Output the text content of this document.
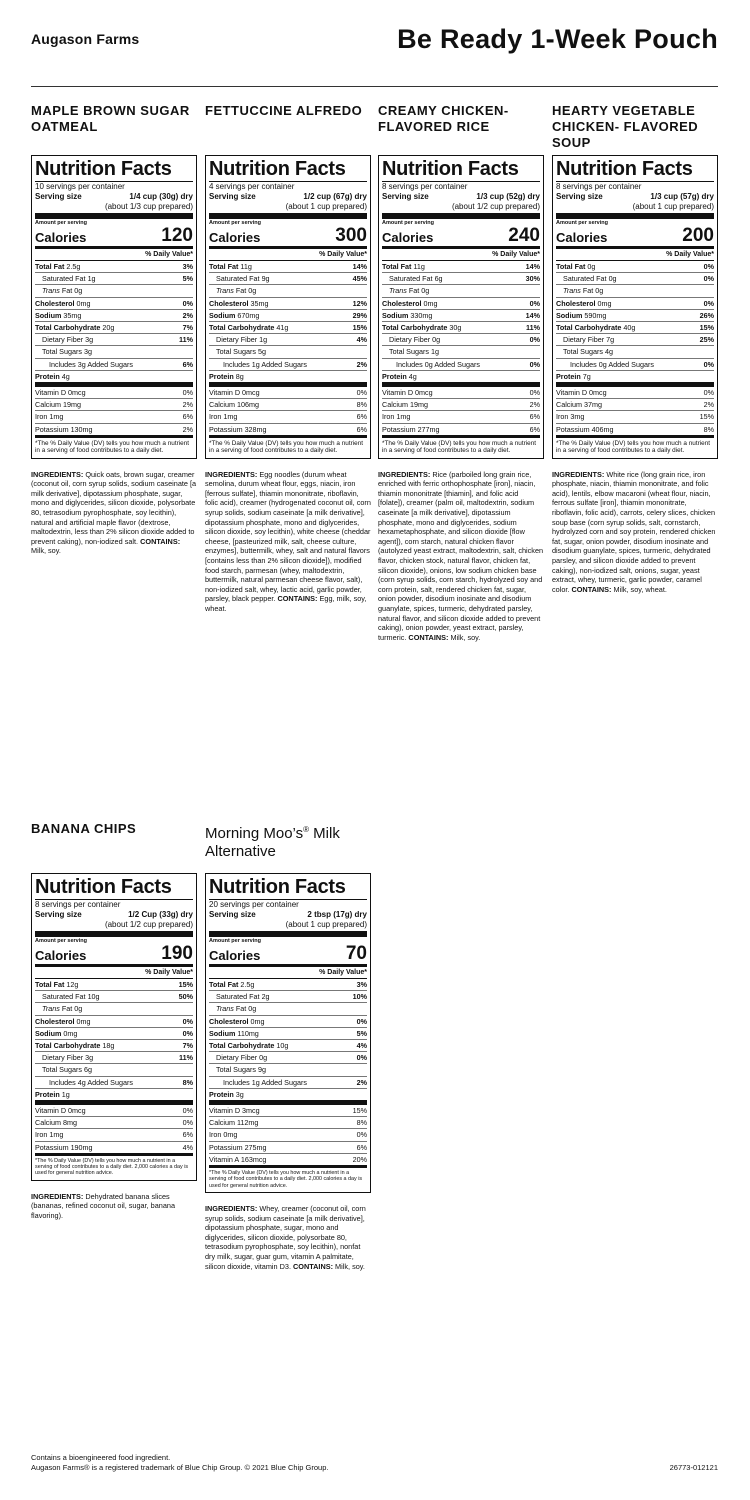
Augason Farms	Be Ready 1-Week Pouch
MAPLE BROWN SUGAR OATMEAL
Nutrition Facts
10 servings per container
Serving size	1/4 cup (30g) dry
(about 1/3 cup prepared)
Amount per serving
Calories	120
% Daily Value*
Total Fat 2.5g	3%
Saturated Fat 1g	5%
Trans Fat 0g
Cholesterol 0mg	0%
Sodium 35mg	2%
Total Carbohydrate 20g	7%
Dietary Fiber 3g	11%
Total Sugars 3g
Includes 3g Added Sugars	6%
Protein 4g
Vitamin D 0mcg	0%
Calcium 19mg	2%
Iron 1mg	6%
Potassium 130mg	2%
*The % Daily Value (DV) tells you how much a nutrient in a serving of food contributes to a daily diet.
INGREDIENTS: Quick oats, brown sugar, creamer (coconut oil, corn syrup solids, sodium caseinate [a milk derivative], dipotassium phosphate, sugar, mono and diglycerides, silicon dioxide, polysorbate 80, tetrasodium pyrophosphate, soy lecithin), natural and artificial maple flavor (dextrose, maltodextrin, less than 2% silicon dioxide added to prevent caking), non-iodized salt. CONTAINS: Milk, soy.
FETTUCCINE ALFREDO
Nutrition Facts
4 servings per container
Serving size	1/2 cup (67g) dry
(about 1 cup prepared)
Amount per serving
Calories	300
% Daily Value*
Total Fat 11g	14%
Saturated Fat 9g	45%
Trans Fat 0g
Cholesterol 35mg	12%
Sodium 670mg	29%
Total Carbohydrate 41g	15%
Dietary Fiber 1g	4%
Total Sugars 5g
Includes 1g Added Sugars	2%
Protein 8g
Vitamin D 0mcg	0%
Calcium 106mg	8%
Iron 1mg	6%
Potassium 328mg	6%
*The % Daily Value (DV) tells you how much a nutrient in a serving of food contributes to a daily diet.
INGREDIENTS: Egg noodles (durum wheat semolina, durum wheat flour, eggs, niacin, iron [ferrous sulfate], thiamin mononitrate, riboflavin, folic acid), creamer (hydrogenated coconut oil, corn syrup solids, sodium caseinate [a milk derivative], dipotassium phosphate, mono and diglycerides, silicon dioxide, soy lecithin), white cheese (cheddar cheese, [pasteurized milk, salt, cheese culture, enzymes], buttermilk, whey, salt and natural flavors [contains less than 2% silicon dioxide]), modified food starch, parmesan (whey, maltodextrin, buttermilk, natural parmesan cheese flavor, salt), non-iodized salt, whey, lactic acid, garlic powder, parsley, black pepper. CONTAINS: Egg, milk, soy, wheat.
CREAMY CHICKEN-FLAVORED RICE
Nutrition Facts
8 servings per container
Serving size	1/3 cup (52g) dry
(about 1/2 cup prepared)
Amount per serving
Calories	240
% Daily Value*
Total Fat 11g	14%
Saturated Fat 6g	30%
Trans Fat 0g
Cholesterol 0mg	0%
Sodium 330mg	14%
Total Carbohydrate 30g	11%
Dietary Fiber 0g	0%
Total Sugars 1g
Includes 0g Added Sugars	0%
Protein 4g
Vitamin D 0mcg	0%
Calcium 19mg	2%
Iron 1mg	6%
Potassium 277mg	6%
*The % Daily Value (DV) tells you how much a nutrient in a serving of food contributes to a daily diet.
INGREDIENTS: Rice (parboiled long grain rice, enriched with ferric orthophosphate [iron], niacin, thiamin mononitrate [thiamin], and folic acid [folate]), creamer (palm oil, maltodextrin, sodium caseinate [a milk derivative], dipotassium phosphate, mono and diglycerides, sodium hexametaphosphate, and silicon dioxide [flow agent]), corn starch, natural chicken flavor (autolyzed yeast extract, maltodextrin, salt, chicken flavor, chicken stock, natural flavor, chicken fat, silicon dioxide), onions, low sodium chicken base (corn syrup solids, corn starch, hydrolyzed soy and corn protein, salt, rendered chicken fat, sugar, onion powder, disodium inosinate and disodium guanylate, spices, turmeric, dehydrated parsley, natural flavor, and silicon dioxide added to prevent caking), onion powder, yeast extract, parsley, turmeric. CONTAINS: Milk, soy.
HEARTY VEGETABLE CHICKEN- FLAVORED SOUP
Nutrition Facts
8 servings per container
Serving size	1/3 cup (57g) dry
(about 1 cup prepared)
Amount per serving
Calories	200
% Daily Value*
Total Fat 0g	0%
Saturated Fat 0g	0%
Trans Fat 0g
Cholesterol 0mg	0%
Sodium 590mg	26%
Total Carbohydrate 40g	15%
Dietary Fiber 7g	25%
Total Sugars 4g
Includes 0g Added Sugars	0%
Protein 7g
Vitamin D 0mcg	0%
Calcium 37mg	2%
Iron 3mg	15%
Potassium 406mg	8%
*The % Daily Value (DV) tells you how much a nutrient in a serving of food contributes to a daily diet.
INGREDIENTS: White rice (long grain rice, iron phosphate, niacin, thiamin mononitrate, and folic acid), lentils, elbow macaroni (wheat flour, niacin, ferrous sulfate [iron], thiamin mononitrate, riboflavin, folic acid), carrots, celery slices, chicken soup base (corn syrup solids, salt, cornstarch, hydrolyzed corn and soy protein, rendered chicken fat, sugar, onion powder, disodium inosinate and disodium guanylate, spices, turmeric, dehydrated parsley, and silicon dioxide added to prevent caking), non-iodized salt, onions, sugar, yeast extract, whey, turmeric, garlic powder, caramel color. CONTAINS: Milk, soy, wheat.
BANANA CHIPS
Nutrition Facts
8 servings per container
Serving size	1/2 Cup (33g) dry
(about 1/2 cup prepared)
Amount per serving
Calories	190
% Daily Value*
Total Fat 12g	15%
Saturated Fat 10g	50%
Trans Fat 0g
Cholesterol 0mg	0%
Sodium 0mg	0%
Total Carbohydrate 18g	7%
Dietary Fiber 3g	11%
Total Sugars 6g
Includes 4g Added Sugars	8%
Protein 1g
Vitamin D 0mcg	0%
Calcium 8mg	0%
Iron 1mg	6%
Potassium 190mg	4%
*The % Daily Value (DV) tells you how much a nutrient in a serving of food contributes to a daily diet. 2,000 calories a day is used for general nutrition advice.
INGREDIENTS: Dehydrated banana slices (bananas, refined coconut oil, sugar, banana flavoring).
Morning Moo’s® Milk Alternative
Nutrition Facts
20 servings per container
Serving size	2 tbsp (17g) dry
(about 1 cup prepared)
Amount per serving
Calories	70
% Daily Value*
Total Fat 2.5g	3%
Saturated Fat 2g	10%
Trans Fat 0g
Cholesterol 0mg	0%
Sodium 110mg	5%
Total Carbohydrate 10g	4%
Dietary Fiber 0g	0%
Total Sugars 9g
Includes 1g Added Sugars	2%
Protein 3g
Vitamin D 3mcg	15%
Calcium 112mg	8%
Iron 0mg	0%
Potassium 275mg	6%
Vitamin A 163mcg	20%
*The % Daily Value (DV) tells you how much a nutrient in a serving of food contributes to a daily diet. 2,000 calories a day is used for general nutrition advice.
INGREDIENTS: Whey, creamer (coconut oil, corn syrup solids, sodium caseinate [a milk derivative], dipotassium phosphate, sugar, mono and diglycerides, silicon dioxide, polysorbate 80, tetrasodium pyrophosphate, soy lecithin), nonfat dry milk, sugar, guar gum, vitamin A palmitate, silicon dioxide, vitamin D3. CONTAINS: Milk, soy.
Contains a bioengineered food ingredient.
Augason Farms® is a registered trademark of Blue Chip Group. © 2021 Blue Chip Group.	26773-012121
